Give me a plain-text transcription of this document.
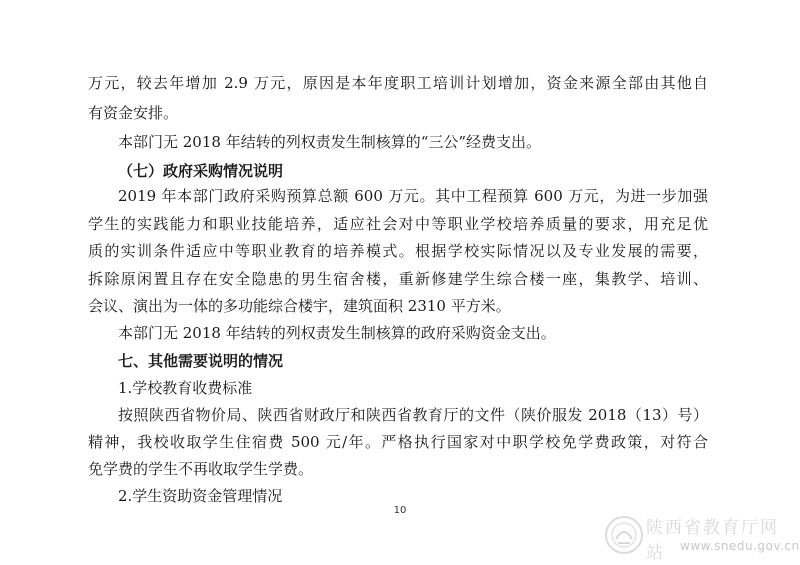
万元，较去年增加 2.9 万元，原因是本年度职工培训计划增加，资金来源全部由其他自
有资金安排。
本部门无 2018 年结转的列权责发生制核算的“三公”经费支出。
（七）政府采购情况说明
2019 年本部门政府采购预算总额 600 万元。其中工程预算 600 万元，为进一步加强
学生的实践能力和职业技能培养，适应社会对中等职业学校培养质量的要求，用充足优
质的实训条件适应中等职业教育的培养模式。根据学校实际情况以及专业发展的需要，
拆除原闲置且存在安全隐患的男生宿舍楼，重新修建学生综合楼一座，集教学、培训、
会议、演出为一体的多功能综合楼宇，建筑面积 2310 平方米。
本部门无 2018 年结转的列权责发生制核算的政府采购资金支出。
七、其他需要说明的情况
1.学校教育收费标准
按照陕西省物价局、陕西省财政厅和陕西省教育厅的文件（陕价服发 2018（13）号）
精神，我校收取学生住宿费 500 元/年。严格执行国家对中职学校免学费政策，对符合
免学费的学生不再收取学生学费。
2.学生资助资金管理情况
10
陕西省教育厅网站	www.snedu.gov.cn
